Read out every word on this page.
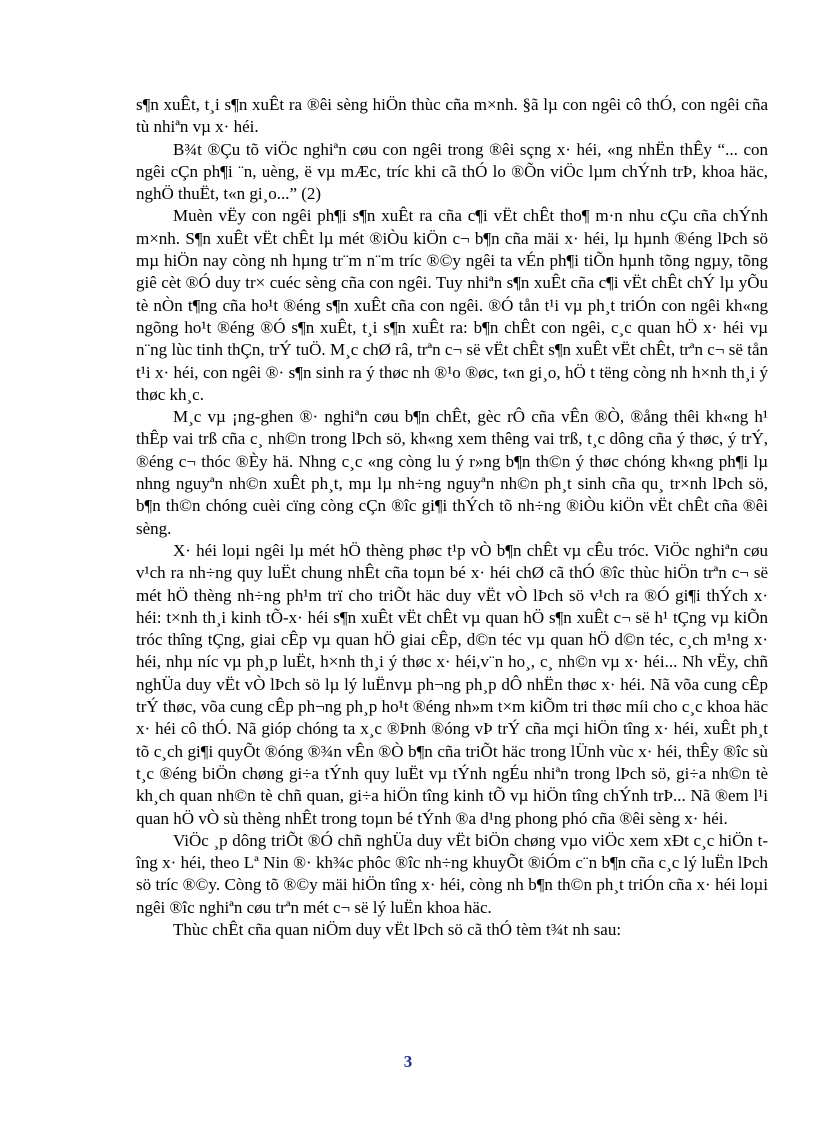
s¶n xuÊt, t¸i s¶n xuÊt ra ®êi sèng hiÖn thùc cña m×nh. §ã lµ con ngêi cô thÓ, con ngêi cña tù nhiªn vµ x· héi.

B¾t ®Çu tõ viÖc nghiªn cøu con ngêi trong ®êi sçng x· héi, «ng nhËn thÊy “... con ngêi cÇn ph¶i ¨n, uèng, ë vµ mÆc, tríc khi cã thÓ lo ®Õn viÖc lµm chÝnh trÞ, khoa häc, nghÖ thuËt, t«n gi¸o...” (2)

Muèn vËy con ngêi ph¶i s¶n xuÊt ra cña c¶i vËt chÊt tho¶ m·n nhu cÇu cña chÝnh m×nh. S¶n xuÊt vËt chÊt lµ mét ®iÒu kiÖn c¬ b¶n cña mäi x· héi, lµ hµnh ®éng lÞch sö mµ hiÖn nay còng nh hµng tr¨m n¨m tríc ®©y ngêi ta vÉn ph¶i tiÕn hµnh tõng ngµy, tõng giê cèt ®Ó duy tr× cuéc sèng cña con ngêi. Tuy nhiªn s¶n xuÊt cña c¶i vËt chÊt chÝ lµ yÕu tè nÒn t¶ng cña ho¹t ®éng s¶n xuÊt cña con ngêi. ®Ó tån t¹i vµ ph¸t triÓn con ngêi kh«ng ngõng ho¹t ®éng ®Ó s¶n xuÊt, t¸i s¶n xuÊt ra: b¶n chÊt con ngêi, c¸c quan hÖ x· héi vµ n¨ng lùc tinh thÇn, trÝ tuÖ. M¸c chØ râ, trªn c¬ së vËt chÊt s¶n xuÊt vËt chÊt, trªn c¬ së tån t¹i x· héi, con ngêi ®· s¶n sinh ra ý thøc nh ®¹o ®øc, t«n gi¸o, hÖ t tëng còng nh h×nh th¸i ý thøc kh¸c.

M¸c vµ ¡ng-ghen ®· nghiªn cøu b¶n chÊt, gèc rÔ cña vÊn ®Ò, ®ång thêi kh«ng h¹ thÊp vai trß cña c¸ nh©n trong lÞch sö, kh«ng xem thêng vai trß, t¸c dông cña ý thøc, ý trÝ, ®éng c¬ thóc ®Èy hä. Nhng c¸c «ng còng lu ý r»ng b¶n th©n ý thøc chóng kh«ng ph¶i lµ nhng nguyªn nh©n xuÊt ph¸t, mµ lµ nh÷ng nguyªn nh©n ph¸t sinh cña qu¸ tr×nh lÞch sö, b¶n th©n chóng cuèi cïng còng cÇn ®îc gi¶i thÝch tõ nh÷ng ®iÒu kiÖn vËt chÊt cña ®êi sèng.

X· héi loµi ngêi lµ mét hÖ thèng phøc t¹p vÒ b¶n chÊt vµ cÊu tróc. ViÖc nghiªn cøu v¹ch ra nh÷ng quy luËt chung nhÊt cña toµn bé x· héi chØ cã thÓ ®îc thùc hiÖn trªn c¬ së mét hÖ thèng nh÷ng ph¹m trï cho triÕt häc duy vËt vÒ lÞch sö v¹ch ra ®Ó gi¶i thÝch x· héi: t×nh th¸i kinh tÕ-x· héi s¶n xuÊt vËt chÊt vµ quan hÖ s¶n xuÊt c¬ së h¹ tÇng vµ kiÕn tróc thîng tÇng, giai cÊp vµ quan hÖ giai cÊp, d©n téc vµ quan hÖ d©n téc, c¸ch m¹ng x· héi, nhµ níc vµ ph¸p luËt, h×nh th¸i ý thøc x· héi,v¨n ho¸, c¸ nh©n vµ x· héi... Nh vËy, chñ nghÜa duy vËt vÒ lÞch sö lµ lý luËnvµ ph¬ng ph¸p dÔ nhËn thøc x· héi. Nã võa cung cÊp trÝ thøc, võa cung cÊp ph¬ng ph¸p ho¹t ®éng nh»m t×m kiÕm tri thøc míi cho c¸c khoa häc x· héi cô thÓ. Nã gióp chóng ta x¸c ®Þnh ®óng vÞ trÝ cña mçi hiÖn tîng x· héi, xuÊt ph¸t tõ c¸ch gi¶i quyÕt ®óng ®¾n vÊn ®Ò b¶n cña triÕt häc trong lÜnh vùc x· héi, thÊy ®îc sù t¸c ®éng biÖn chøng gi÷a tÝnh quy luËt vµ tÝnh ngÉu nhiªn trong lÞch sö, gi÷a nh©n tè kh¸ch quan nh©n tè chñ quan, gi÷a hiÖn tîng kinh tÕ vµ hiÖn tîng chÝnh trÞ... Nã ®em l¹i quan hÖ vÒ sù thèng nhÊt trong toµn bé tÝnh ®a d¹ng phong phó cña ®êi sèng x· héi.

ViÖc ¸p dông triÕt ®Ó chñ nghÜa duy vËt biÖn chøng vµo viÖc xem xÐt c¸c hiÖn tîng x· héi, theo Lª Nin ®· kh¾c phôc ®îc nh÷ng khuyÕt ®iÓm c¨n b¶n cña c¸c lý luËn lÞch sö tríc ®©y. Còng tõ ®©y mäi hiÖn tîng x· héi, còng nh b¶n th©n ph¸t triÓn cña x· héi loµi ngêi ®îc nghiªn cøu trªn mét c¬ së lý luËn khoa häc.

Thùc chÊt cña quan niÖm duy vËt lÞch sö cã thÓ tèm t¾t nh sau:

3
